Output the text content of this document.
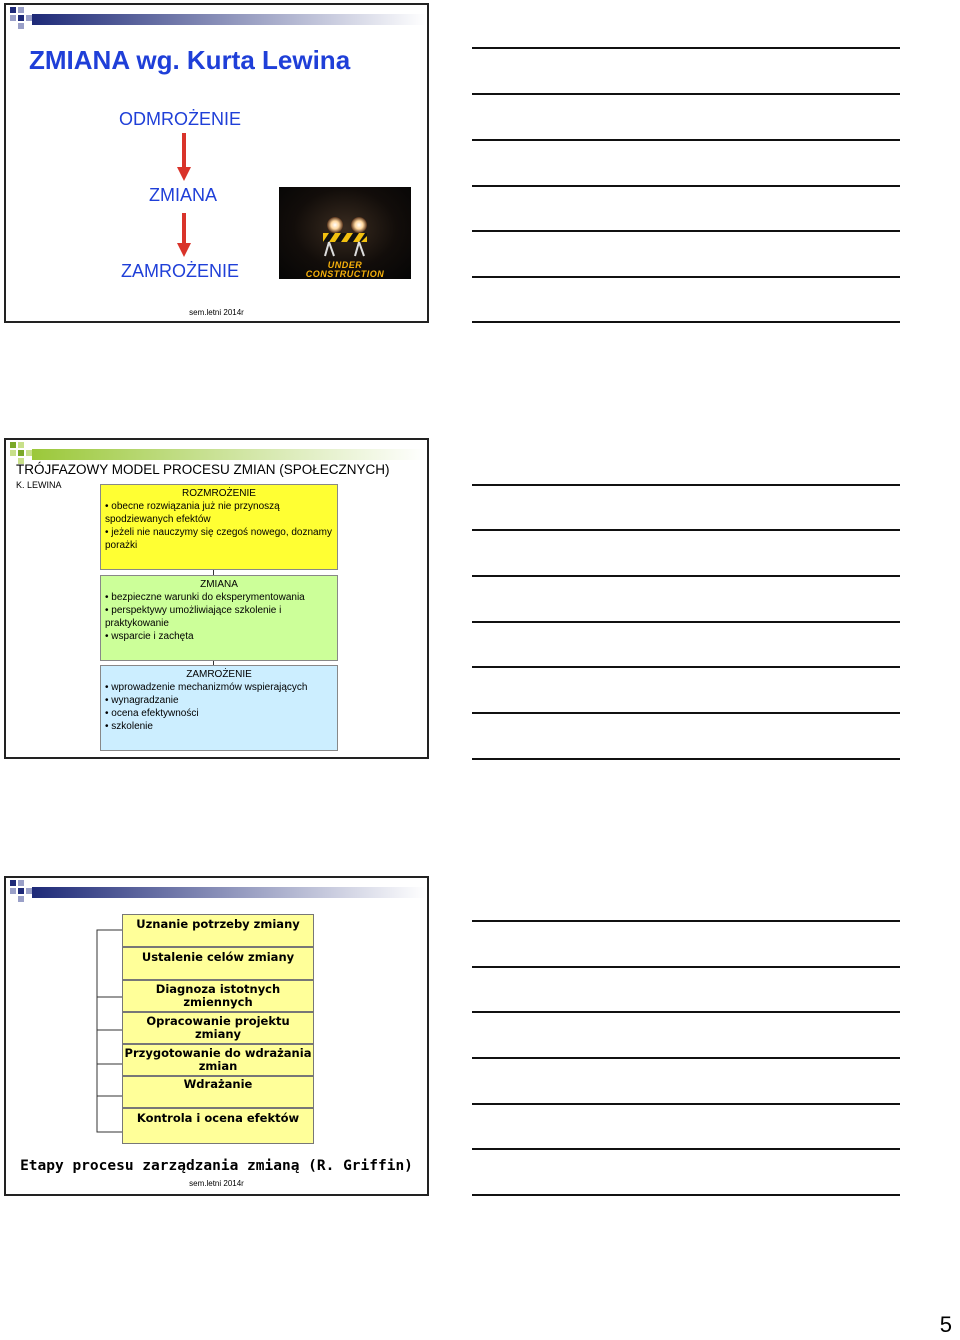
ZMIANA wg. Kurta Lewina
ODMROŻENIE
ZMIANA
ZAMROŻENIE	UNDER
CONSTRUCTION
sem.letni 2014r
TRÓJFAZOWY MODEL PROCESU ZMIAN (SPOŁECZNYCH)
K. LEWINA
ROZMROŻENIE
• obecne rozwiązania już nie przynoszą spodziewanych efektów
• jeżeli nie nauczymy się czegoś nowego, doznamy porażki
ZMIANA
• bezpieczne warunki do eksperymentowania
• perspektywy umożliwiające szkolenie i praktykowanie
• wsparcie i zachęta
ZAMROŻENIE
• wprowadzenie mechanizmów wspierających
• wynagradzanie
• ocena efektywności
• szkolenie
Uznanie potrzeby zmiany
Ustalenie celów zmiany
Diagnoza istotnych zmiennych
Opracowanie projektu zmiany
Przygotowanie do wdrażania zmian
Wdrażanie
Kontrola i ocena efektów
Etapy procesu zarządzania zmianą (R. Griffin)
sem.letni 2014r
5
